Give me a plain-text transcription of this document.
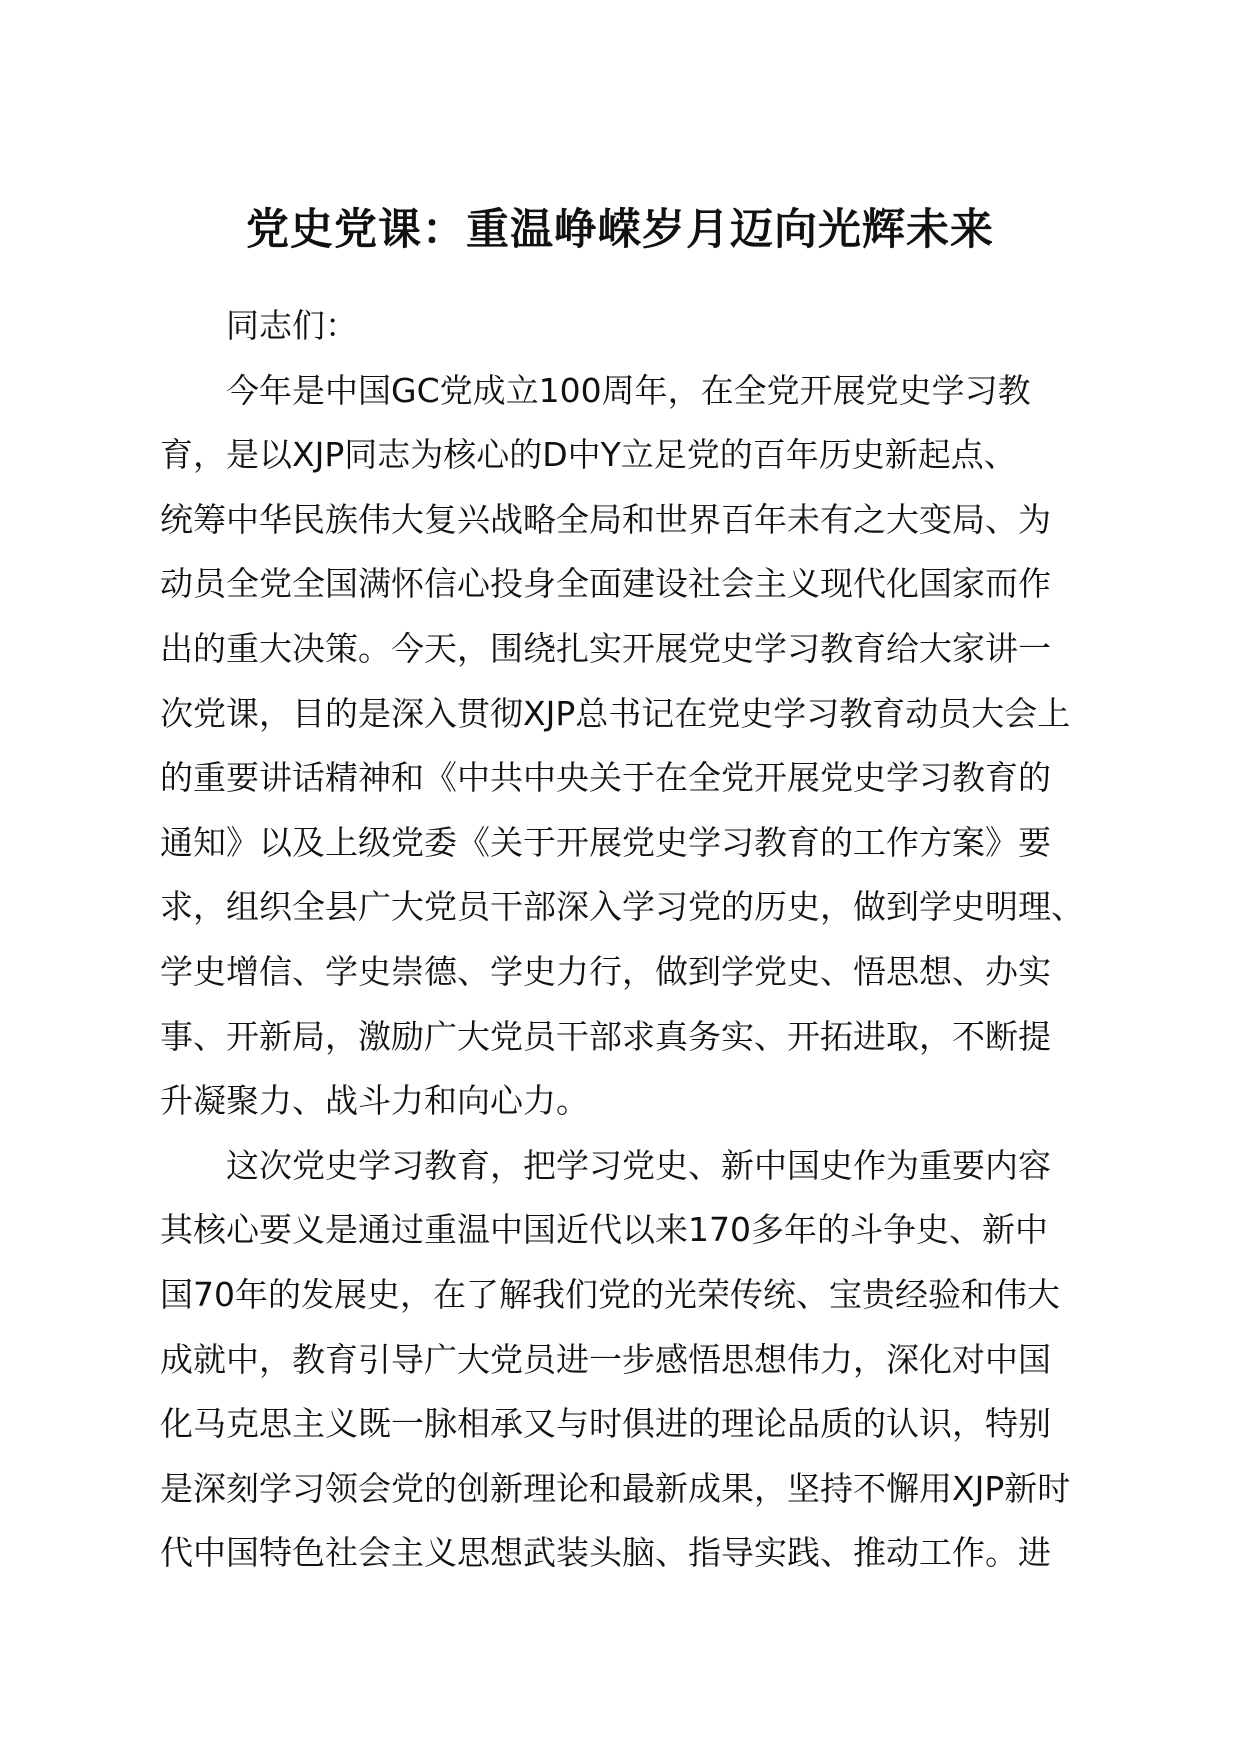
党史党课：重温峥嵘岁月迈向光辉未来
同志们：
今年是中国GC党成立100周年，在全党开展党史学习教
育，是以XJP同志为核心的D中Y立足党的百年历史新起点、
统筹中华民族伟大复兴战略全局和世界百年未有之大变局、为
动员全党全国满怀信心投身全面建设社会主义现代化国家而作
出的重大决策。今天，围绕扎实开展党史学习教育给大家讲一
次党课，目的是深入贯彻XJP总书记在党史学习教育动员大会上
的重要讲话精神和《中共中央关于在全党开展党史学习教育的
通知》以及上级党委《关于开展党史学习教育的工作方案》要
求，组织全县广大党员干部深入学习党的历史，做到学史明理、
学史增信、学史崇德、学史力行，做到学党史、悟思想、办实
事、开新局，激励广大党员干部求真务实、开拓进取，不断提
升凝聚力、战斗力和向心力。
这次党史学习教育，把学习党史、新中国史作为重要内容
其核心要义是通过重温中国近代以来170多年的斗争史、新中
国70年的发展史，在了解我们党的光荣传统、宝贵经验和伟大
成就中，教育引导广大党员进一步感悟思想伟力，深化对中国
化马克思主义既一脉相承又与时俱进的理论品质的认识，特别
是深刻学习领会党的创新理论和最新成果，坚持不懈用XJP新时
代中国特色社会主义思想武装头脑、指导实践、推动工作。进
